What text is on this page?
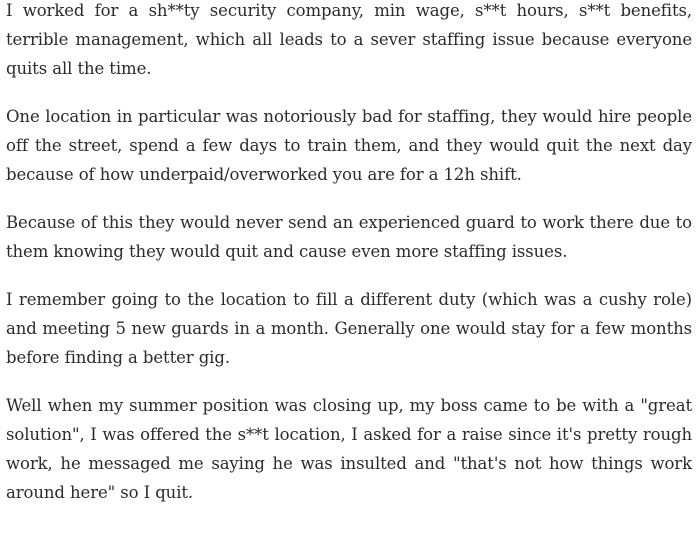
I worked for a sh**ty security company, min wage, s**t hours, s**t benefits, terrible management, which all leads to a sever staffing issue because everyone quits all the time.

One location in particular was notoriously bad for staffing, they would hire people off the street, spend a few days to train them, and they would quit the next day because of how underpaid/overworked you are for a 12h shift.

Because of this they would never send an experienced guard to work there due to them knowing they would quit and cause even more staffing issues.

I remember going to the location to fill a different duty (which was a cushy role) and meeting 5 new guards in a month. Generally one would stay for a few months before finding a better gig.

Well when my summer position was closing up, my boss came to be with a "great solution", I was offered the s**t location, I asked for a raise since it's pretty rough work, he messaged me saying he was insulted and "that's not how things work around here" so I quit.
